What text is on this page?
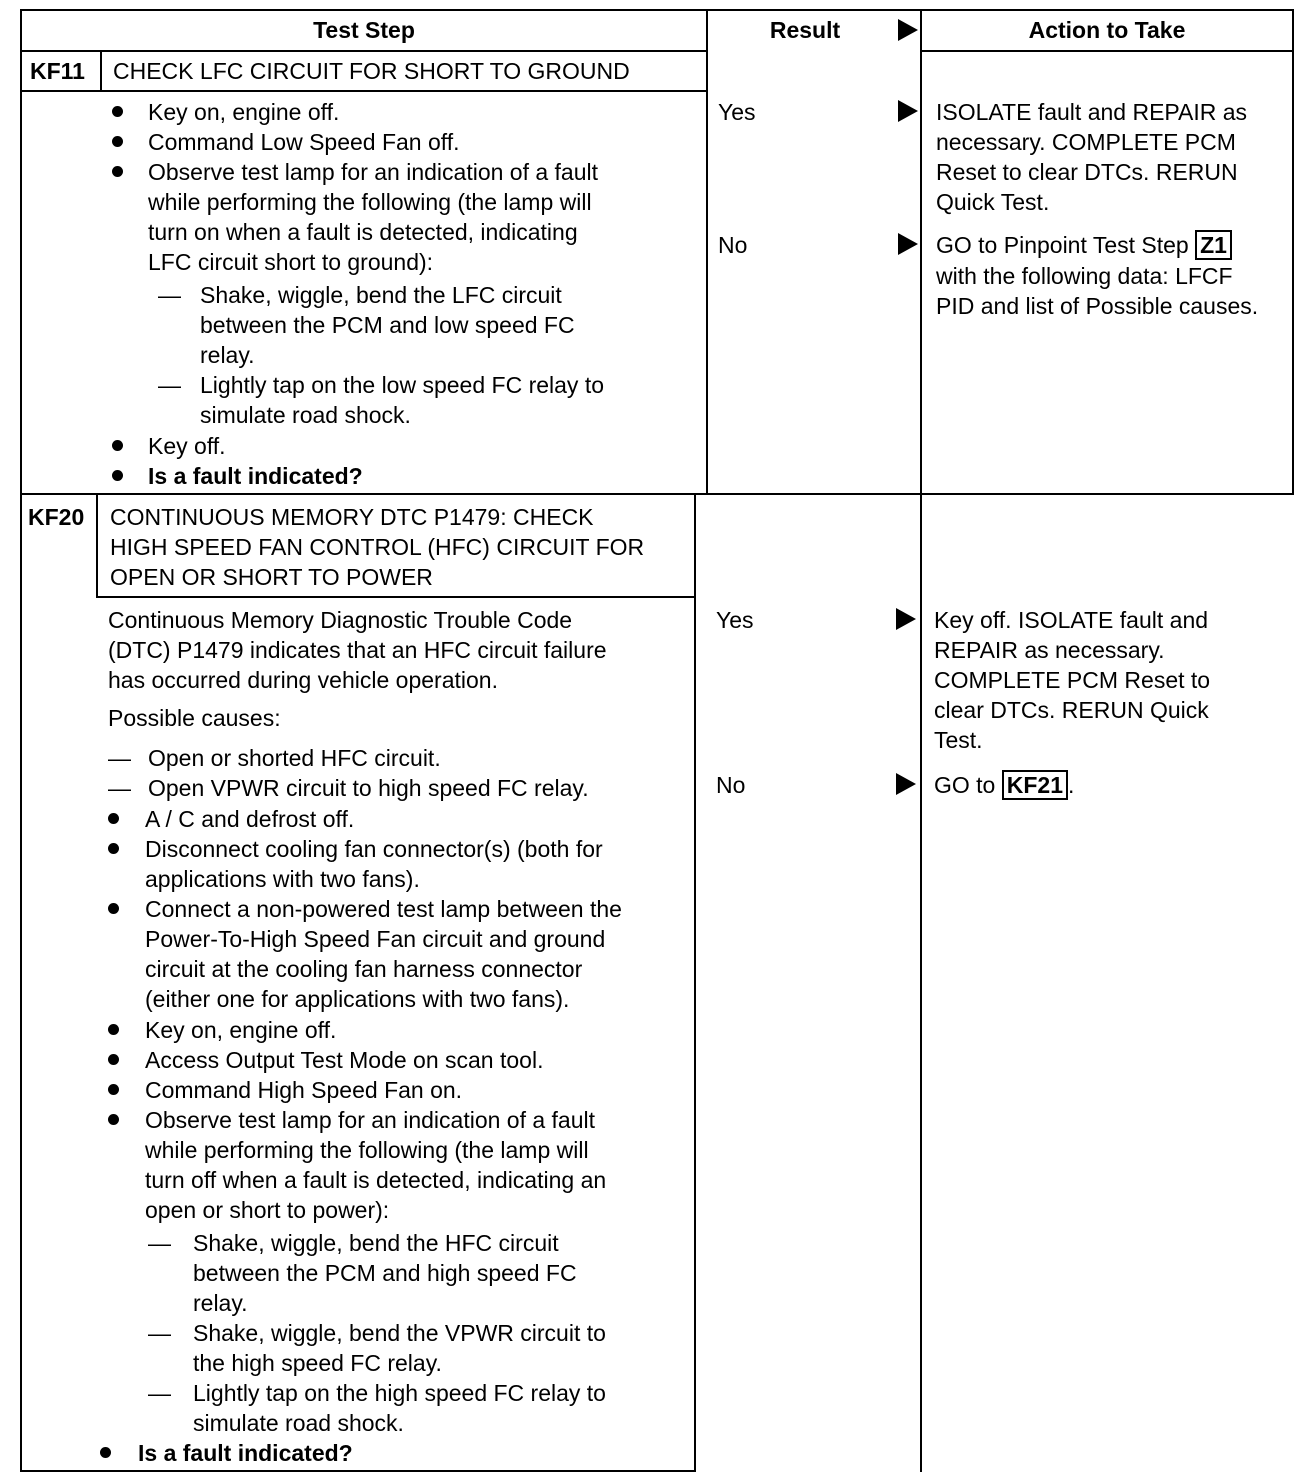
Test Step	Result	Action to Take
KF11 CHECK LFC CIRCUIT FOR SHORT TO GROUND
Key on, engine off.
Command Low Speed Fan off.
Observe test lamp for an indication of a fault
while performing the following (the lamp will
turn on when a fault is detected, indicating
LFC circuit short to ground):
— Shake, wiggle, bend the LFC circuit
between the PCM and low speed FC
relay.
— Lightly tap on the low speed FC relay to
simulate road shock.
Key off.
Is a fault indicated?
Yes
No
ISOLATE fault and REPAIR as
necessary. COMPLETE PCM
Reset to clear DTCs. RERUN
Quick Test.
GO to Pinpoint Test Step Z1
with the following data: LFCF
PID and list of Possible causes.
KF20 CONTINUOUS MEMORY DTC P1479: CHECK
HIGH SPEED FAN CONTROL (HFC) CIRCUIT FOR
OPEN OR SHORT TO POWER
Continuous Memory Diagnostic Trouble Code
(DTC) P1479 indicates that an HFC circuit failure
has occurred during vehicle operation.
Possible causes:
— Open or shorted HFC circuit.
— Open VPWR circuit to high speed FC relay.
A / C and defrost off.
Disconnect cooling fan connector(s) (both for
applications with two fans).
Connect a non-powered test lamp between the
Power-To-High Speed Fan circuit and ground
circuit at the cooling fan harness connector
(either one for applications with two fans).
Key on, engine off.
Access Output Test Mode on scan tool.
Command High Speed Fan on.
Observe test lamp for an indication of a fault
while performing the following (the lamp will
turn off when a fault is detected, indicating an
open or short to power):
— Shake, wiggle, bend the HFC circuit
between the PCM and high speed FC
relay.
— Shake, wiggle, bend the VPWR circuit to
the high speed FC relay.
— Lightly tap on the high speed FC relay to
simulate road shock.
Is a fault indicated?
Yes
No
Key off. ISOLATE fault and
REPAIR as necessary.
COMPLETE PCM Reset to
clear DTCs. RERUN Quick
Test.
GO to KF21 .
